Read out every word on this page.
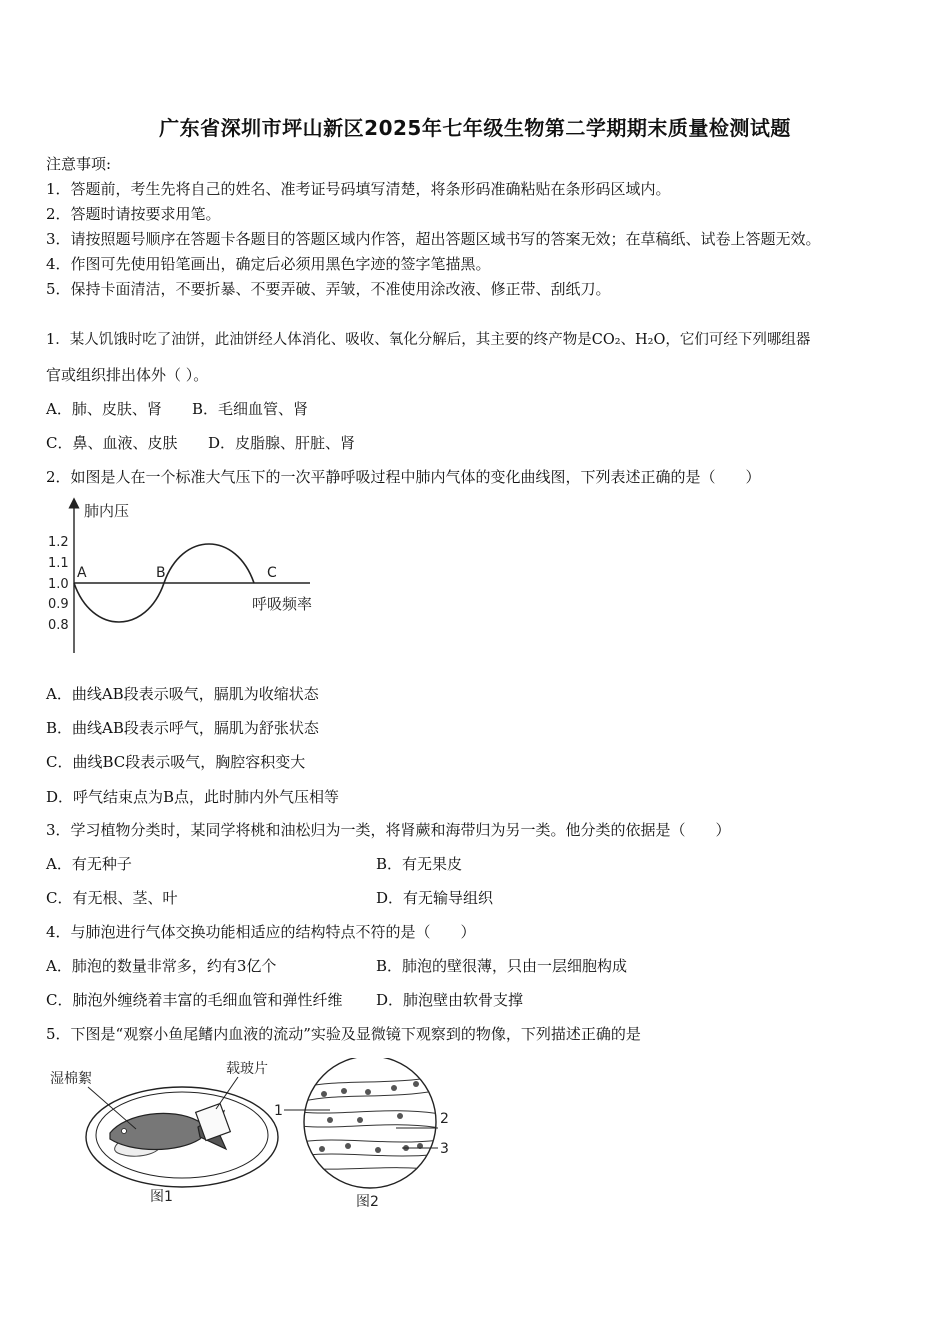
广东省深圳市坪山新区2025年七年级生物第二学期期末质量检测试题
注意事项:
1．答题前，考生先将自己的姓名、准考证号码填写清楚，将条形码准确粘贴在条形码区域内。
2．答题时请按要求用笔。
3．请按照题号顺序在答题卡各题目的答题区域内作答，超出答题区域书写的答案无效；在草稿纸、试卷上答题无效。
4．作图可先使用铅笔画出，确定后必须用黑色字迹的签字笔描黑。
5．保持卡面清洁，不要折暴、不要弄破、弄皱，不准使用涂改液、修正带、刮纸刀。
1．某人饥饿时吃了油饼，此油饼经人体消化、吸收、氧化分解后，其主要的终产物是CO₂、H₂O，它们可经下列哪组器
官或组织排出体外（ ）。
A．肺、皮肤、肾 B．毛细血管、肾
C．鼻、血液、皮肤 D．皮脂腺、肝脏、肾
2．如图是人在一个标准大气压下的一次平静呼吸过程中肺内气体的变化曲线图，下列表述正确的是（　　）
肺内压
呼吸频率
1.2
1.1
1.0
0.9
0.8
A	B	C
A．曲线AB段表示吸气，膈肌为收缩状态
B．曲线AB段表示呼气，膈肌为舒张状态
C．曲线BC段表示吸气，胸腔容积变大
D．呼气结束点为B点，此时肺内外气压相等
3．学习植物分类时，某同学将桃和油松归为一类，将肾蕨和海带归为另一类。他分类的依据是（　　）
A．有无种子	B．有无果皮
C．有无根、茎、叶	D．有无输导组织
4．与肺泡进行气体交换功能相适应的结构特点不符的是（　　）
A．肺泡的数量非常多，约有3亿个	B．肺泡的壁很薄，只由一层细胞构成
C．肺泡外缠绕着丰富的毛细血管和弹性纤维 D．肺泡壁由软骨支撑
5．下图是“观察小鱼尾鳍内血液的流动”实验及显微镜下观察到的物像，下列描述正确的是
湿棉絮
载玻片
图1
1	2
3
图2
